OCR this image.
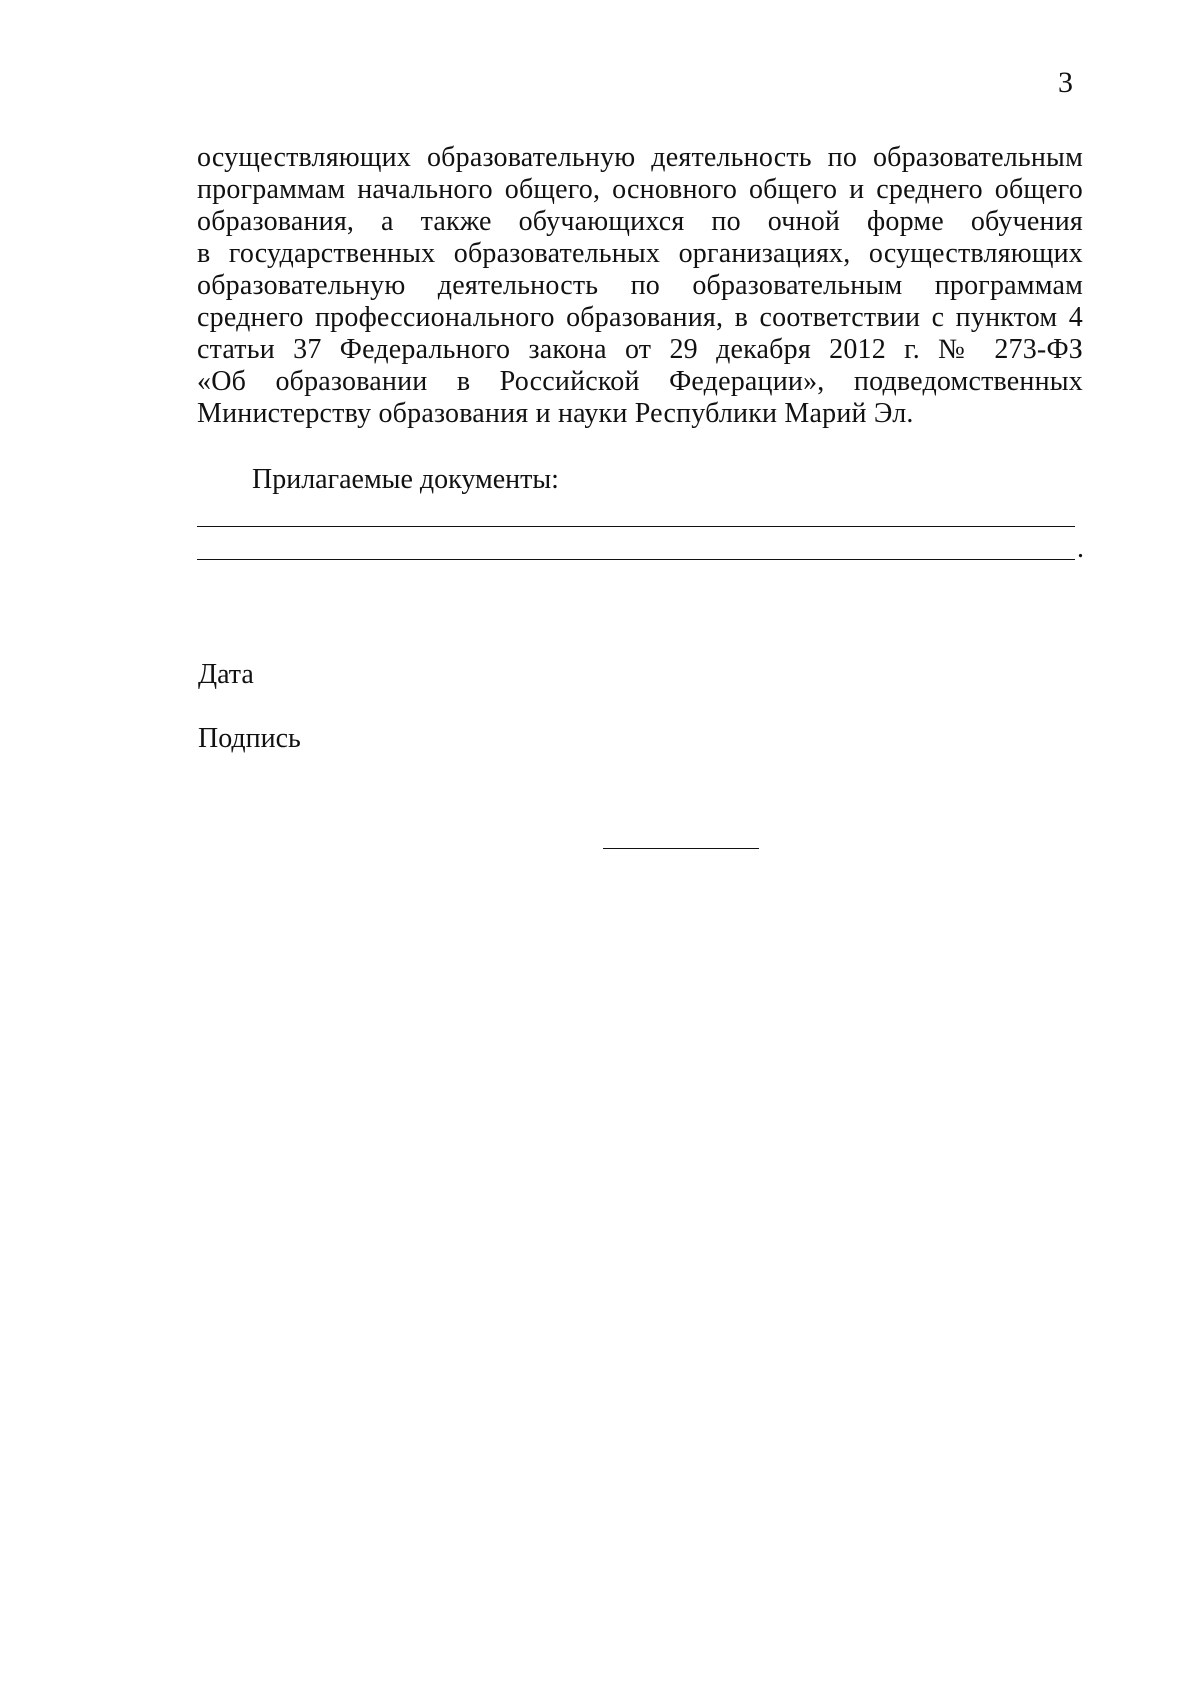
3

осуществляющих образовательную деятельность по образовательным
программам начального общего, основного общего и среднего общего
образования, а также обучающихся по очной форме обучения
в государственных образовательных организациях, осуществляющих
образовательную деятельность по образовательным программам
среднего профессионального образования, в соответствии с пунктом 4
статьи 37 Федерального закона от 29 декабря 2012 г. № 273-ФЗ
«Об образовании в Российской Федерации», подведомственных
Министерству образования и науки Республики Марий Эл.

Прилагаемые документы:
.
Дата
Подпись
